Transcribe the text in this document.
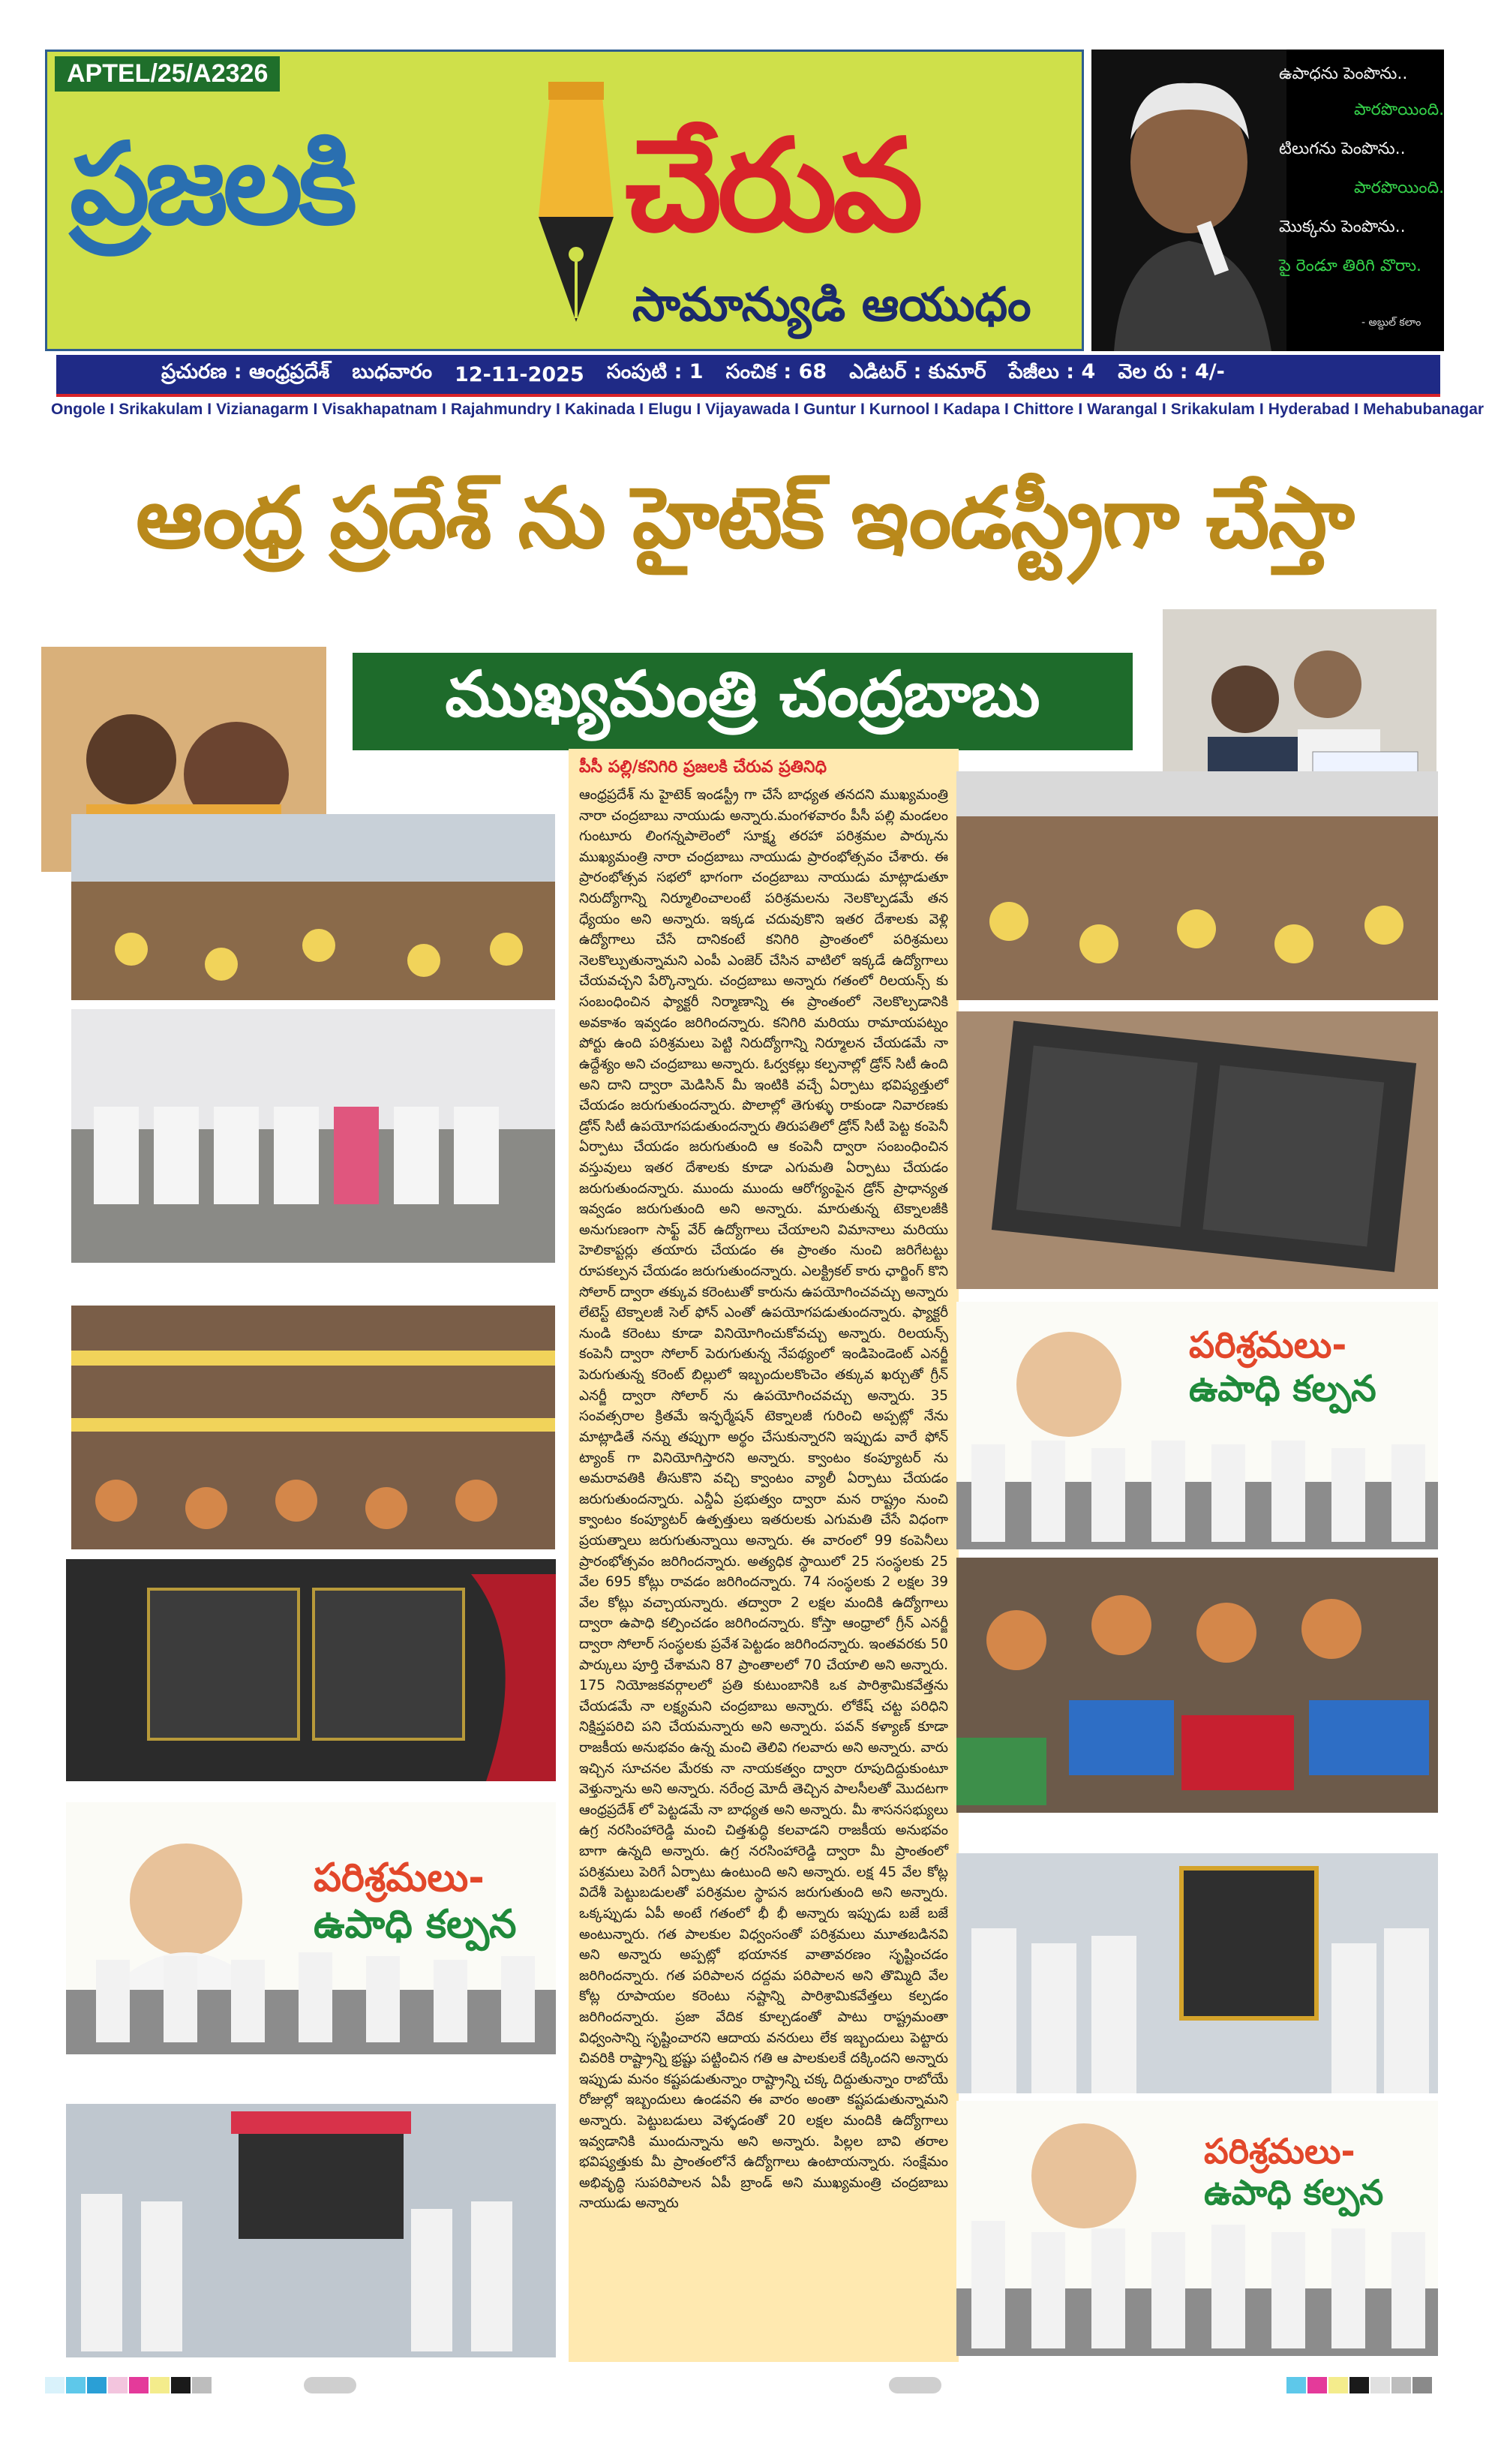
APTEL/25/A2326
ప్రజలకి చేరువ
సామాన్యుడి ఆయుధం
ఉపాధను పెంపొను..
పారపొయింది.
టిలుగను పెంపొను..
పారపొయింది.
మొక్కను పెంపొను..
పై రెండూ తిరిగి వొరాు.
- అబ్దుల్ కలాం
ప్రచురణ : ఆంధ్రప్రదేశ్ బుధవారం 12-11-2025 సంపుటి : 1 సంచిక : 68 ఎడిటర్ : కుమార్ పేజీలు : 4 వెల రు : 4/-
Ongole I Srikakulam I Vizianagarm I Visakhapatnam I Rajahmundry I Kakinada I Elugu I Vijayawada I Guntur I Kurnool I Kadapa I Chittore I Warangal I Srikakulam I Hyderabad I Mehabubanagar
ఆంధ్ర ప్రదేశ్ ను హైటెక్ ఇండస్ట్రీగా చేస్తా
ముఖ్యమంత్రి చంద్రబాబు
పరిశ్రమలు-
ఉపాధి కల్పన
పీసీ పల్లి/కనిగిరి ప్రజలకి చేరువ ప్రతినిధి
ఆంధ్రప్రదేశ్ ను హైటెక్ ఇండస్ట్రీ గా చేసే బాధ్యత తనదని ముఖ్యమంత్రి నారా చంద్రబాబు నాయుడు అన్నారు.మంగళవారం పీసీ పల్లి మండలం గుంటూరు లింగన్నపాలెంలో సూక్ష్మ తరహా పరిశ్రమల పార్కును ముఖ్యమంత్రి నారా చంద్రబాబు నాయుడు ప్రారంభోత్సవం చేశారు. ఈ ప్రారంభోత్సవ సభలో భాగంగా చంద్రబాబు నాయుడు మాట్లాడుతూ నిరుద్యోగాన్ని నిర్మూలించాలంటే పరిశ్రమలను నెలకొల్పడమే తన ధ్యేయం అని అన్నారు. ఇక్కడ చదువుకొని ఇతర దేశాలకు వెళ్లి ఉద్యోగాలు చేసే దానికంటే కనిగిరి ప్రాంతంలో పరిశ్రమలు నెలకొల్పుతున్నామని ఎంపీ ఎంజెర్ చేసిన వాటిలో ఇక్కడే ఉద్యోగాలు చేయవచ్చని పేర్కొన్నారు. చంద్రబాబు అన్నారు గతంలో రిలయన్స్ కు సంబంధించిన ఫ్యాక్టరీ నిర్మాణాన్ని ఈ ప్రాంతంలో నెలకొల్పడానికి అవకాశం ఇవ్వడం జరిగిందన్నారు. కనిగిరి మరియు రామాయపట్నం పోర్టు ఉంది పరిశ్రమలు పెట్టి నిరుద్యోగాన్ని నిర్మూలన చేయడమే నా ఉద్దేశ్యం అని చంద్రబాబు అన్నారు. ఓర్వకల్లు కల్పనాల్లో డ్రోన్ సిటీ ఉంది అని దాని ద్వారా మెడిసిన్ మీ ఇంటికి వచ్చే ఏర్పాటు భవిష్యత్తులో చేయడం జరుగుతుందన్నారు. పొలాల్లో తెగుళ్ళు రాకుండా నివారణకు డ్రోన్ సిటీ ఉపయోగపడుతుందన్నారు తిరుపతిలో డ్రోన్ సిటీ పెట్ట కంపెనీ ఏర్పాటు చేయడం జరుగుతుంది ఆ కంపెనీ ద్వారా సంబంధించిన వస్తువులు ఇతర దేశాలకు కూడా ఎగుమతి ఏర్పాటు చేయడం జరుగుతుందన్నారు. ముందు ముందు ఆరోగ్యంపైన డ్రోన్ ప్రాధాన్యత ఇవ్వడం జరుగుతుంది అని అన్నారు. మారుతున్న టెక్నాలజీకి అనుగుణంగా సాఫ్ట్ వేర్ ఉద్యోగాలు చేయాలని విమానాలు మరియు హెలికాప్టర్లు తయారు చేయడం ఈ ప్రాంతం నుంచి జరిగేటట్టు రూపకల్పన చేయడం జరుగుతుందన్నారు. ఎలక్ట్రికల్ కారు ఛార్జింగ్ కొని సోలార్ ద్వారా తక్కువ కరెంటుతో కారును ఉపయోగించవచ్చు అన్నారు లేటెస్ట్ టెక్నాలజీ సెల్ ఫోన్ ఎంతో ఉపయోగపడుతుందన్నారు. ఫ్యాక్టరీ నుండి కరెంటు కూడా వినియోగించుకోవచ్చు అన్నారు. రిలయన్స్ కంపెనీ ద్వారా సోలార్ పెరుగుతున్న నేపథ్యంలో ఇండిపెండెంట్ ఎనర్జీ పెరుగుతున్న కరెంట్ బిల్లులో ఇబ్బందులకొంచెం తక్కువ ఖర్చుతో గ్రీన్ ఎనర్జీ ద్వారా సోలార్ ను ఉపయోగించవచ్చు అన్నారు. 35 సంవత్సరాల క్రితమే ఇన్ఫర్మేషన్ టెక్నాలజీ గురించి అప్పట్లో నేను మాట్లాడితే నన్ను తప్పుగా అర్థం చేసుకున్నారని ఇప్పుడు వారే ఫోన్ ట్యాంక్ గా వినియోగిస్తారని అన్నారు. క్వాంటం కంప్యూటర్ ను అమరావతికి తీసుకొని వచ్చి క్వాంటం వ్యాలీ ఏర్పాటు చేయడం జరుగుతుందన్నారు. ఎన్డీఏ ప్రభుత్వం ద్వారా మన రాష్ట్రం నుంచి క్వాంటం కంప్యూటర్ ఉత్పత్తులు ఇతరులకు ఎగుమతి చేసే విధంగా ప్రయత్నాలు జరుగుతున్నాయి అన్నారు. ఈ వారంలో 99 కంపెనీలు ప్రారంభోత్సవం జరిగిందన్నారు. అత్యధిక స్థాయిలో 25 సంస్థలకు 25 వేల 695 కోట్లు రావడం జరిగిందన్నారు. 74 సంస్థలకు 2 లక్షల 39 వేల కోట్లు వచ్చాయన్నారు. తద్వారా 2 లక్షల మందికి ఉద్యోగాలు ద్వారా ఉపాధి కల్పించడం జరిగిందన్నారు. కోస్తా ఆంధ్రాలో గ్రీన్ ఎనర్జీ ద్వారా సోలార్ సంస్థలకు ప్రవేశ పెట్టడం జరిగిందన్నారు. ఇంతవరకు 50 పార్కులు పూర్తి చేశామని 87 ప్రాంతాలలో 70 చేయాలి అని అన్నారు. 175 నియోజకవర్గాలలో ప్రతి కుటుంబానికి ఒక పారిశ్రామికవేత్తను చేయడమే నా లక్ష్యమని చంద్రబాబు అన్నారు. లోకేష్ చట్ట పరిధిని నిక్షిప్తపరిచి పని చేయమన్నారు అని అన్నారు. పవన్ కళ్యాణ్ కూడా రాజకీయ అనుభవం ఉన్న మంచి తెలివి గలవారు అని అన్నారు. వారు ఇచ్చిన సూచనల మేరకు నా నాయకత్వం ద్వారా రూపుదిద్దుకుంటూ వెళ్తున్నాను అని అన్నారు. నరేంద్ర మోదీ తెచ్చిన పాలసీలతో మొదటగా ఆంధ్రప్రదేశ్ లో పెట్టడమే నా బాధ్యత అని అన్నారు. మీ శాసనసభ్యులు ఉగ్ర నరసింహారెడ్డి మంచి చిత్తశుద్ధి కలవాడని రాజకీయ అనుభవం బాగా ఉన్నది అన్నారు. ఉగ్ర నరసింహారెడ్డి ద్వారా మీ ప్రాంతంలో పరిశ్రమలు పెరిగే ఏర్పాటు ఉంటుంది అని అన్నారు. లక్ష 45 వేల కోట్ల విదేశీ పెట్టుబడులతో పరిశ్రమల స్థాపన జరుగుతుంది అని అన్నారు. ఒక్కప్పుడు ఏపీ అంటే గతంలో భీ భీ అన్నారు ఇప్పుడు బజే బజే అంటున్నారు. గత పాలకుల విధ్వంసంతో పరిశ్రమలు మూతబడినవి అని అన్నారు అప్పట్లో భయానక వాతావరణం సృష్టించడం జరిగిందన్నారు. గత పరిపాలన దద్దమ పరిపాలన అని తొమ్మిది వేల కోట్ల రూపాయల కరెంటు నష్టాన్ని పారిశ్రామికవేత్తలు కల్పడం జరిగిందన్నారు. ప్రజా వేదిక కూల్చడంతో పాటు రాష్ట్రమంతా విధ్వంసాన్ని సృష్టించారని ఆదాయ వనరులు లేక ఇబ్బందులు పెట్టారు చివరికి రాష్ట్రాన్ని భ్రష్టు పట్టించిన గతి ఆ పాలకులకే దక్కిందని అన్నారు ఇప్పుడు మనం కష్టపడుతున్నాం రాష్ట్రాన్ని చక్క దిద్దుతున్నాం రాబోయే రోజుల్లో ఇబ్బందులు ఉండవని ఈ వారం అంతా కష్టపడుతున్నామని అన్నారు. పెట్టుబడులు వెళ్ళడంతో 20 లక్షల మందికి ఉద్యోగాలు ఇవ్వడానికి ముందున్నాను అని అన్నారు. పిల్లల బావి తరాల భవిష్యత్తుకు మీ ప్రాంతంలోనే ఉద్యోగాలు ఉంటాయన్నారు. సంక్షేమం అభివృద్ధి సుపరిపాలన ఏపీ బ్రాండ్ అని ముఖ్యమంత్రి చంద్రబాబు నాయుడు అన్నారు
పరిశ్రమలు-
ఉపాధి కల్పన
పరిశ్రమలు-
ఉపాధి కల్పన
